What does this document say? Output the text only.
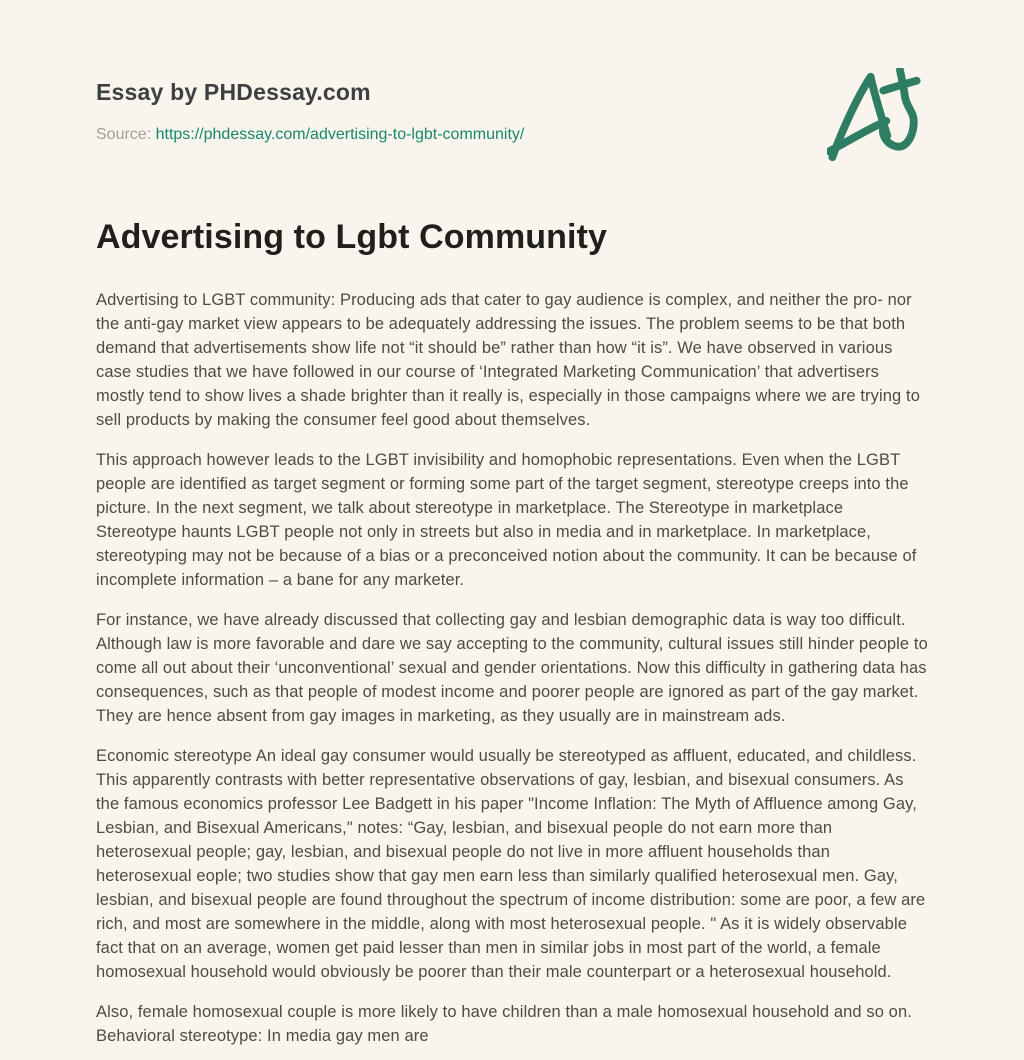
Essay by PHDessay.com
Source: https://phdessay.com/advertising-to-lgbt-community/
Advertising to Lgbt Community

Advertising to LGBT community: Producing ads that cater to gay audience is complex, and neither the pro- nor the anti-gay market view appears to be adequately addressing the issues. The problem seems to be that both demand that advertisements show life not “it should be” rather than how “it is”. We have observed in various case studies that we have followed in our course of ‘Integrated Marketing Communication’ that advertisers mostly tend to show lives a shade brighter than it really is, especially in those campaigns where we are trying to sell products by making the consumer feel good about themselves.

This approach however leads to the LGBT invisibility and homophobic representations. Even when the LGBT people are identified as target segment or forming some part of the target segment, stereotype creeps into the picture. In the next segment, we talk about stereotype in marketplace. The Stereotype in marketplace Stereotype haunts LGBT people not only in streets but also in media and in marketplace. In marketplace, stereotyping may not be because of a bias or a preconceived notion about the community. It can be because of incomplete information – a bane for any marketer.

For instance, we have already discussed that collecting gay and lesbian demographic data is way too difficult. Although law is more favorable and dare we say accepting to the community, cultural issues still hinder people to come all out about their ‘unconventional’ sexual and gender orientations. Now this difficulty in gathering data has consequences, such as that people of modest income and poorer people are ignored as part of the gay market. They are hence absent from gay images in marketing, as they usually are in mainstream ads.

Economic stereotype An ideal gay consumer would usually be stereotyped as affluent, educated, and childless. This apparently contrasts with better representative observations of gay, lesbian, and bisexual consumers. As the famous economics professor Lee Badgett in his paper "Income Inflation: The Myth of Affluence among Gay, Lesbian, and Bisexual Americans," notes: “Gay, lesbian, and bisexual people do not earn more than heterosexual people; gay, lesbian, and bisexual people do not live in more affluent households than heterosexual eople; two studies show that gay men earn less than similarly qualified heterosexual men. Gay, lesbian, and bisexual people are found throughout the spectrum of income distribution: some are poor, a few are rich, and most are somewhere in the middle, along with most heterosexual people. " As it is widely observable fact that on an average, women get paid lesser than men in similar jobs in most part of the world, a female homosexual household would obviously be poorer than their male counterpart or a heterosexual household.

Also, female homosexual couple is more likely to have children than a male homosexual household and so on. Behavioral stereotype: In media gay men are
